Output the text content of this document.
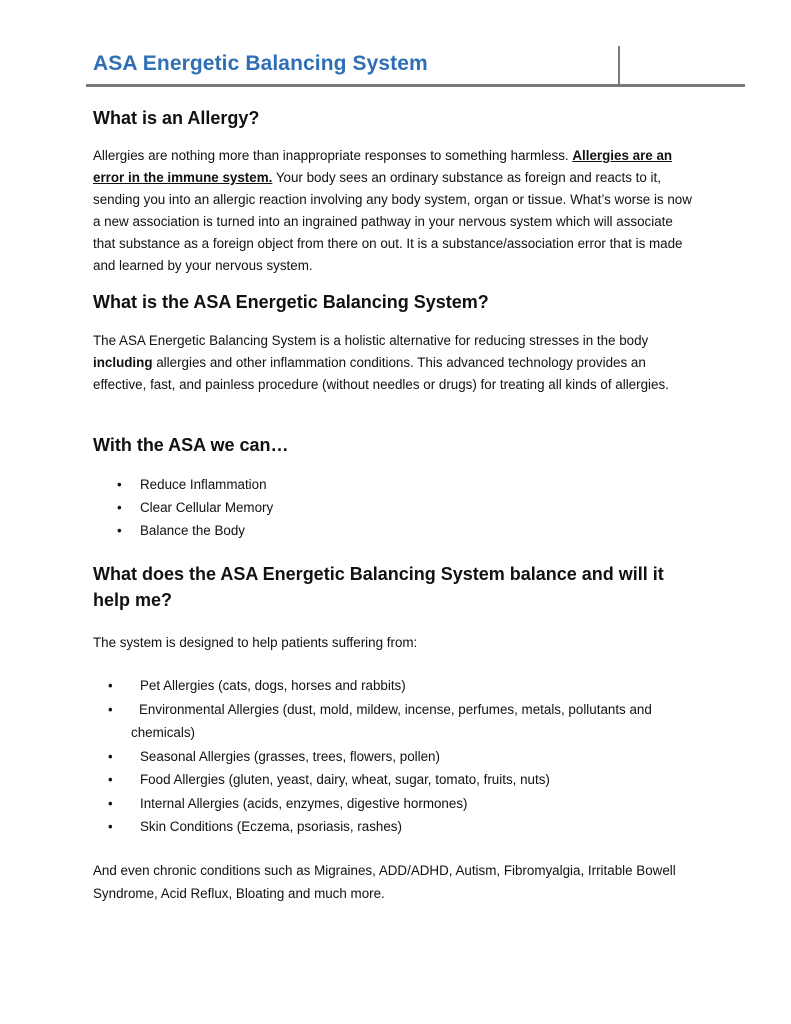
ASA Energetic Balancing System
What is an Allergy?

Allergies are nothing more than inappropriate responses to something harmless. Allergies are an error in the immune system. Your body sees an ordinary substance as foreign and reacts to it, sending you into an allergic reaction involving any body system, organ or tissue. What’s worse is now a new association is turned into an ingrained pathway in your nervous system which will associate that substance as a foreign object from there on out. It is a substance/association error that is made and learned by your nervous system.

What is the ASA Energetic Balancing System?

The ASA Energetic Balancing System is a holistic alternative for reducing stresses in the body including allergies and other inflammation conditions. This advanced technology provides an effective, fast, and painless procedure (without needles or drugs) for treating all kinds of allergies.

With the ASA we can…
• Reduce Inflammation
• Clear Cellular Memory
• Balance the Body
What does the ASA Energetic Balancing System balance and will it
help me?

The system is designed to help patients suffering from:

• Pet Allergies (cats, dogs, horses and rabbits)
• Environmental Allergies (dust, mold, mildew, incense, perfumes, metals, pollutants and chemicals)
• Seasonal Allergies (grasses, trees, flowers, pollen)
• Food Allergies (gluten, yeast, dairy, wheat, sugar, tomato, fruits, nuts)
• Internal Allergies (acids, enzymes, digestive hormones)
• Skin Conditions (Eczema, psoriasis, rashes)

And even chronic conditions such as Migraines, ADD/ADHD, Autism, Fibromyalgia, Irritable Bowell Syndrome, Acid Reflux, Bloating and much more.
